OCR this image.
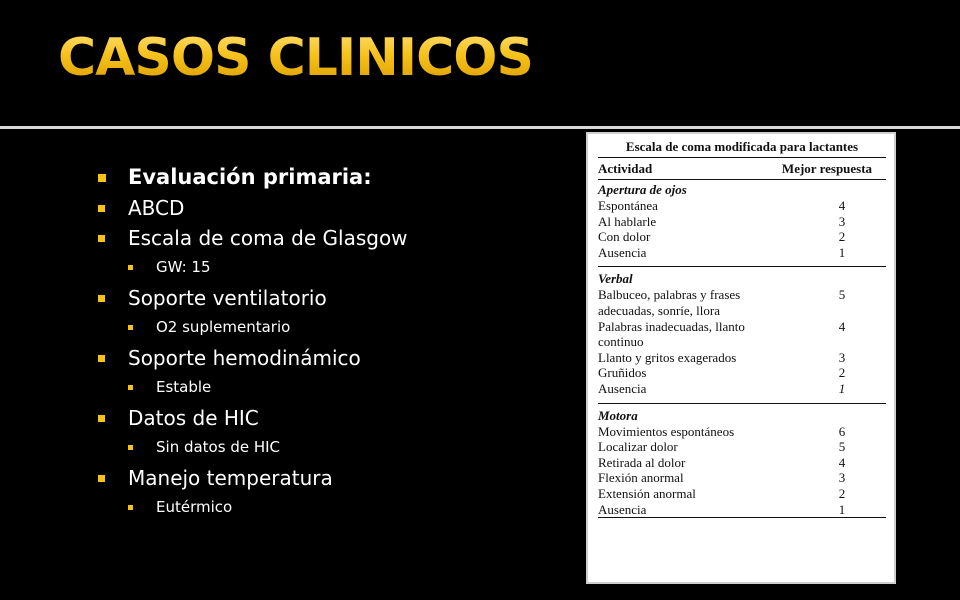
CASOS CLINICOS
Evaluación primaria:
ABCD
Escala de coma de Glasgow
GW: 15
Soporte ventilatorio
O2 suplementario
Soporte hemodinámico
Estable
Datos de HIC
Sin datos de HIC
Manejo temperatura
Eutérmico
Escala de coma modificada para lactantes
Actividad	Mejor respuesta
Apertura de ojos
Espontánea	4
Al hablarle	3
Con dolor	2
Ausencia	1
Verbal
Balbuceo, palabras y frases	5
adecuadas, sonríe, llora
Palabras inadecuadas, llanto	4
continuo
Llanto y gritos exagerados	3
Gruñidos	2
Ausencia	1
Motora
Movimientos espontáneos	6
Localizar dolor	5
Retirada al dolor	4
Flexión anormal	3
Extensión anormal	2
Ausencia	1
